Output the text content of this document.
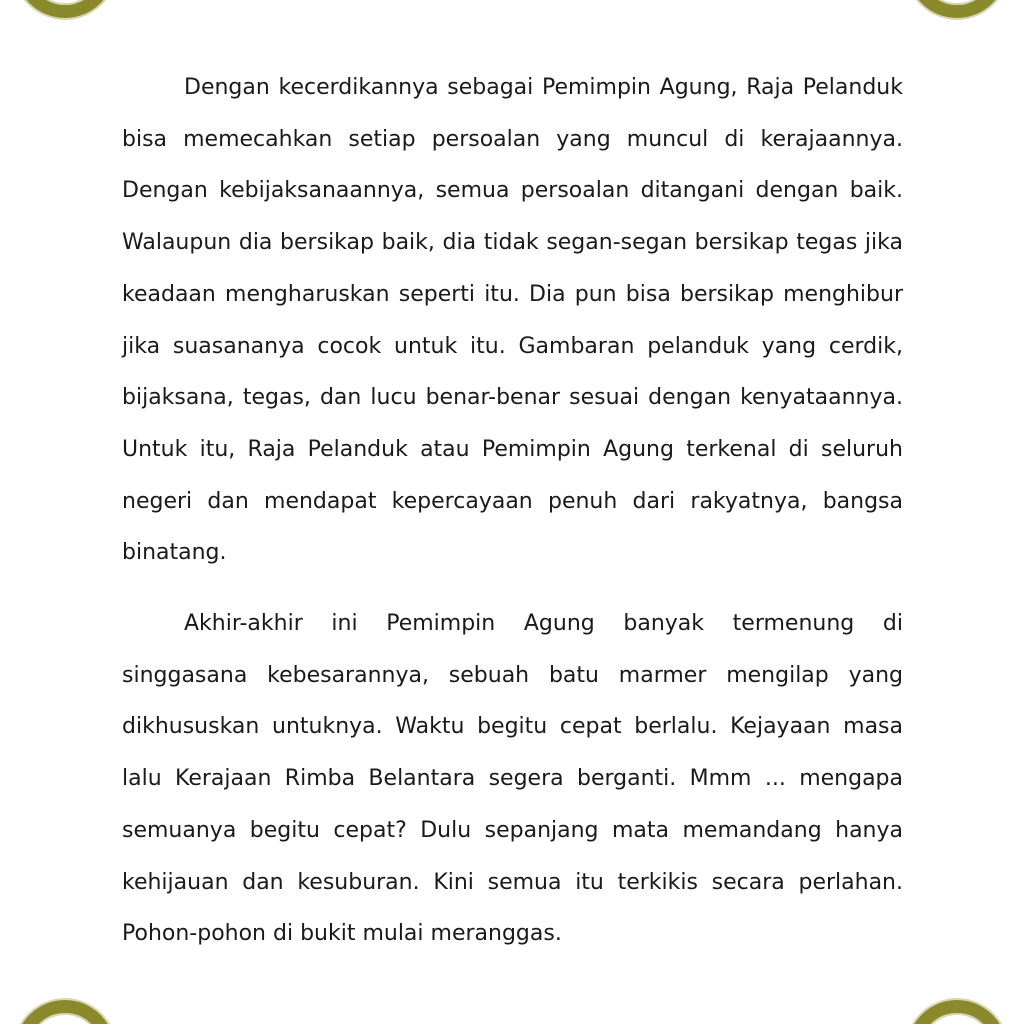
Dengan kecerdikannya sebagai Pemimpin Agung, Raja Pelanduk bisa memecahkan setiap persoalan yang muncul di kerajaannya. Dengan kebijaksanaannya, semua persoalan ditangani dengan baik. Walaupun dia bersikap baik, dia tidak segan-segan bersikap tegas jika keadaan mengharuskan seperti itu. Dia pun bisa bersikap menghibur jika suasananya cocok untuk itu. Gambaran pelanduk yang cerdik, bijaksana, tegas, dan lucu benar-benar sesuai dengan kenyataannya. Untuk itu, Raja Pelanduk atau Pemimpin Agung terkenal di seluruh negeri dan mendapat kepercayaan penuh dari rakyatnya, bangsa binatang.

Akhir-akhir ini Pemimpin Agung banyak termenung di singgasana kebesarannya, sebuah batu marmer mengilap yang dikhususkan untuknya. Waktu begitu cepat berlalu. Kejayaan masa lalu Kerajaan Rimba Belantara segera berganti. Mmm ... mengapa semuanya begitu cepat? Dulu sepanjang mata memandang hanya kehijauan dan kesuburan. Kini semua itu terkikis secara perlahan. Pohon-pohon di bukit mulai meranggas.
